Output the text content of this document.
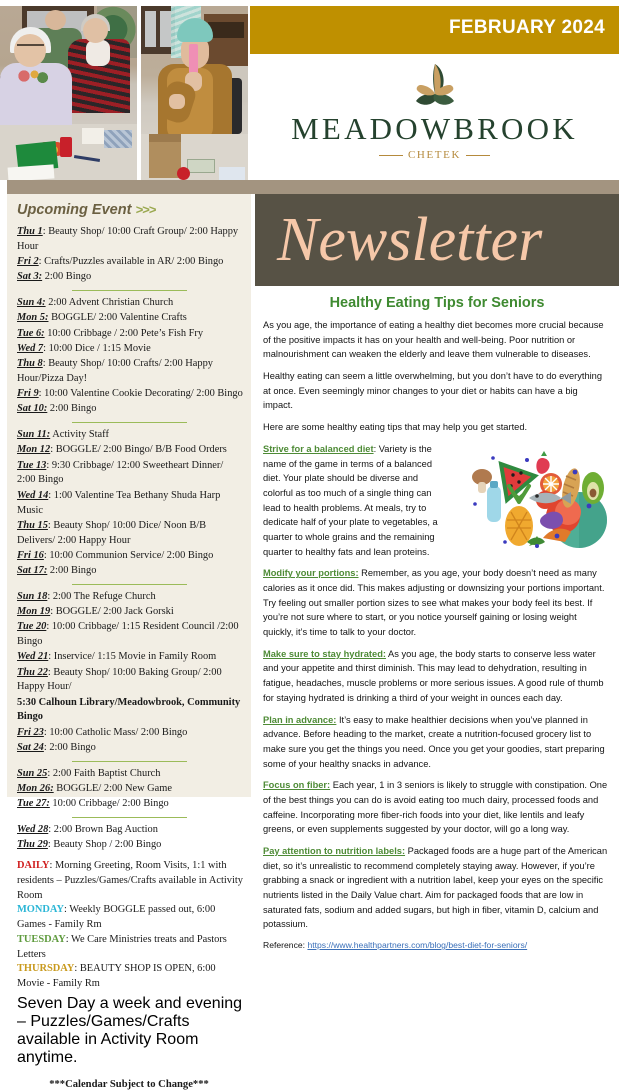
FEBRUARY 2024
MEADOWBROOK
CHETEK
Upcoming Event >>>
Thu 1: Beauty Shop/ 10:00 Craft Group/ 2:00 Happy Hour
Fri 2: Crafts/Puzzles available in AR/ 2:00 Bingo
Sat 3: 2:00 Bingo
Sun 4: 2:00 Advent Christian Church
Mon 5: BOGGLE/ 2:00 Valentine Crafts
Tue 6: 10:00 Cribbage / 2:00 Pete’s Fish Fry
Wed 7: 10:00 Dice / 1:15 Movie
Thu 8: Beauty Shop/ 10:00 Crafts/ 2:00 Happy Hour/Pizza Day!
Fri 9: 10:00 Valentine Cookie Decorating/ 2:00 Bingo
Sat 10: 2:00 Bingo
Sun 11: Activity Staff
Mon 12: BOGGLE/ 2:00 Bingo/ B/B Food Orders
Tue 13: 9:30 Cribbage/ 12:00 Sweetheart Dinner/ 2:00 Bingo
Wed 14: 1:00 Valentine Tea Bethany Shuda Harp Music
Thu 15: Beauty Shop/ 10:00 Dice/ Noon B/B Delivers/ 2:00 Happy Hour
Fri 16: 10:00 Communion Service/ 2:00 Bingo
Sat 17: 2:00 Bingo
Sun 18: 2:00 The Refuge Church
Mon 19: BOGGLE/ 2:00 Jack Gorski
Tue 20: 10:00 Cribbage/ 1:15 Resident Council /2:00 Bingo
Wed 21: Inservice/ 1:15 Movie in Family Room
Thu 22: Beauty Shop/ 10:00 Baking Group/ 2:00 Happy Hour/
5:30 Calhoun Library/Meadowbrook, Community Bingo
Fri 23: 10:00 Catholic Mass/ 2:00 Bingo
Sat 24: 2:00 Bingo
Sun 25: 2:00 Faith Baptist Church
Mon 26: BOGGLE/ 2:00 New Game
Tue 27: 10:00 Cribbage/ 2:00 Bingo
Wed 28: 2:00 Brown Bag Auction
Thu 29: Beauty Shop / 2:00 Bingo
DAILY: Morning Greeting, Room Visits, 1:1 with residents – Puzzles/Games/Crafts available in Activity Room
MONDAY: Weekly BOGGLE passed out, 6:00 Games - Family Rm
TUESDAY: We Care Ministries treats and Pastors Letters
THURSDAY: BEAUTY SHOP IS OPEN, 6:00 Movie - Family Rm
Seven Day a week and evening – Puzzles/Games/Crafts available in Activity Room anytime.
***Calendar Subject to Change***
Newsletter
Healthy Eating Tips for Seniors

As you age, the importance of eating a healthy diet becomes more crucial because of the positive impacts it has on your health and well-being. Poor nutrition or malnourishment can weaken the elderly and leave them vulnerable to diseases.

Healthy eating can seem a little overwhelming, but you don’t have to do everything at once. Even seemingly minor changes to your diet or habits can have a big impact.

Here are some healthy eating tips that may help you get started.

Strive for a balanced diet: Variety is the name of the game in terms of a balanced diet. Your plate should be diverse and colorful as too much of a single thing can lead to health problems. At meals, try to dedicate half of your plate to vegetables, a quarter to whole grains and the remaining quarter to healthy fats and lean proteins.

Modify your portions: Remember, as you age, your body doesn’t need as many calories as it once did. This makes adjusting or downsizing your portions important. Try feeling out smaller portion sizes to see what makes your body feel its best. If you’re not sure where to start, or you notice yourself gaining or losing weight quickly, it’s time to talk to your doctor.

Make sure to stay hydrated: As you age, the body starts to conserve less water and your appetite and thirst diminish. This may lead to dehydration, resulting in fatigue, headaches, muscle problems or more serious issues. A good rule of thumb for staying hydrated is drinking a third of your weight in ounces each day.

Plan in advance: It’s easy to make healthier decisions when you’ve planned in advance. Before heading to the market, create a nutrition-focused grocery list to make sure you get the things you need. Once you get your goodies, start preparing some of your healthy snacks in advance.

Focus on fiber: Each year, 1 in 3 seniors is likely to struggle with constipation. One of the best things you can do is avoid eating too much dairy, processed foods and caffeine. Incorporating more fiber-rich foods into your diet, like lentils and leafy greens, or even supplements suggested by your doctor, will go a long way.

Pay attention to nutrition labels: Packaged foods are a huge part of the American diet, so it’s unrealistic to recommend completely staying away. However, if you’re grabbing a snack or ingredient with a nutrition label, keep your eyes on the specific nutrients listed in the Daily Value chart. Aim for packaged foods that are low in saturated fats, sodium and added sugars, but high in fiber, vitamin D, calcium and potassium.

Reference: https://www.healthpartners.com/blog/best-diet-for-seniors/
